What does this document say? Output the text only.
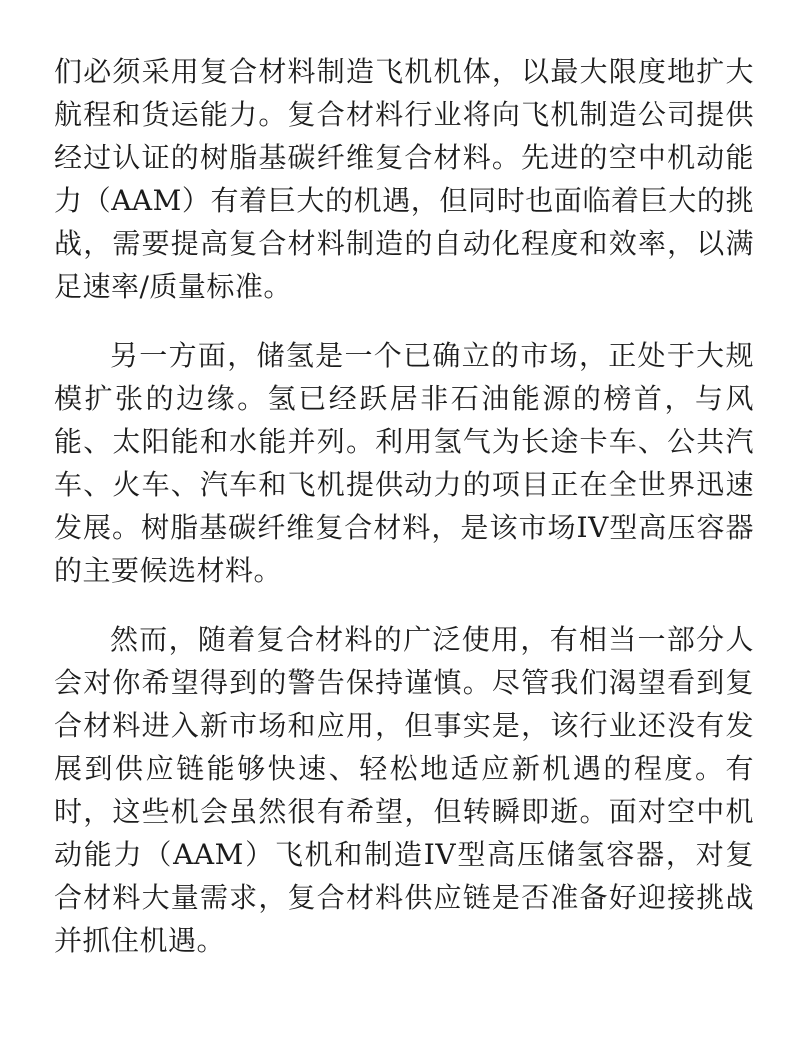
们必须采用复合材料制造飞机机体，以最大限度地扩大航程和货运能力。复合材料行业将向飞机制造公司提供经过认证的树脂基碳纤维复合材料。先进的空中机动能力（AAM）有着巨大的机遇，但同时也面临着巨大的挑战，需要提高复合材料制造的自动化程度和效率，以满足速率/质量标准。

另一方面，储氢是一个已确立的市场，正处于大规模扩张的边缘。氢已经跃居非石油能源的榜首，与风能、太阳能和水能并列。利用氢气为长途卡车、公共汽车、火车、汽车和飞机提供动力的项目正在全世界迅速发展。树脂基碳纤维复合材料，是该市场IV型高压容器的主要候选材料。

然而，随着复合材料的广泛使用，有相当一部分人会对你希望得到的警告保持谨慎。尽管我们渴望看到复合材料进入新市场和应用，但事实是，该行业还没有发展到供应链能够快速、轻松地适应新机遇的程度。有时，这些机会虽然很有希望，但转瞬即逝。面对空中机动能力（AAM）飞机和制造IV型高压储氢容器，对复合材料大量需求，复合材料供应链是否准备好迎接挑战并抓住机遇。
